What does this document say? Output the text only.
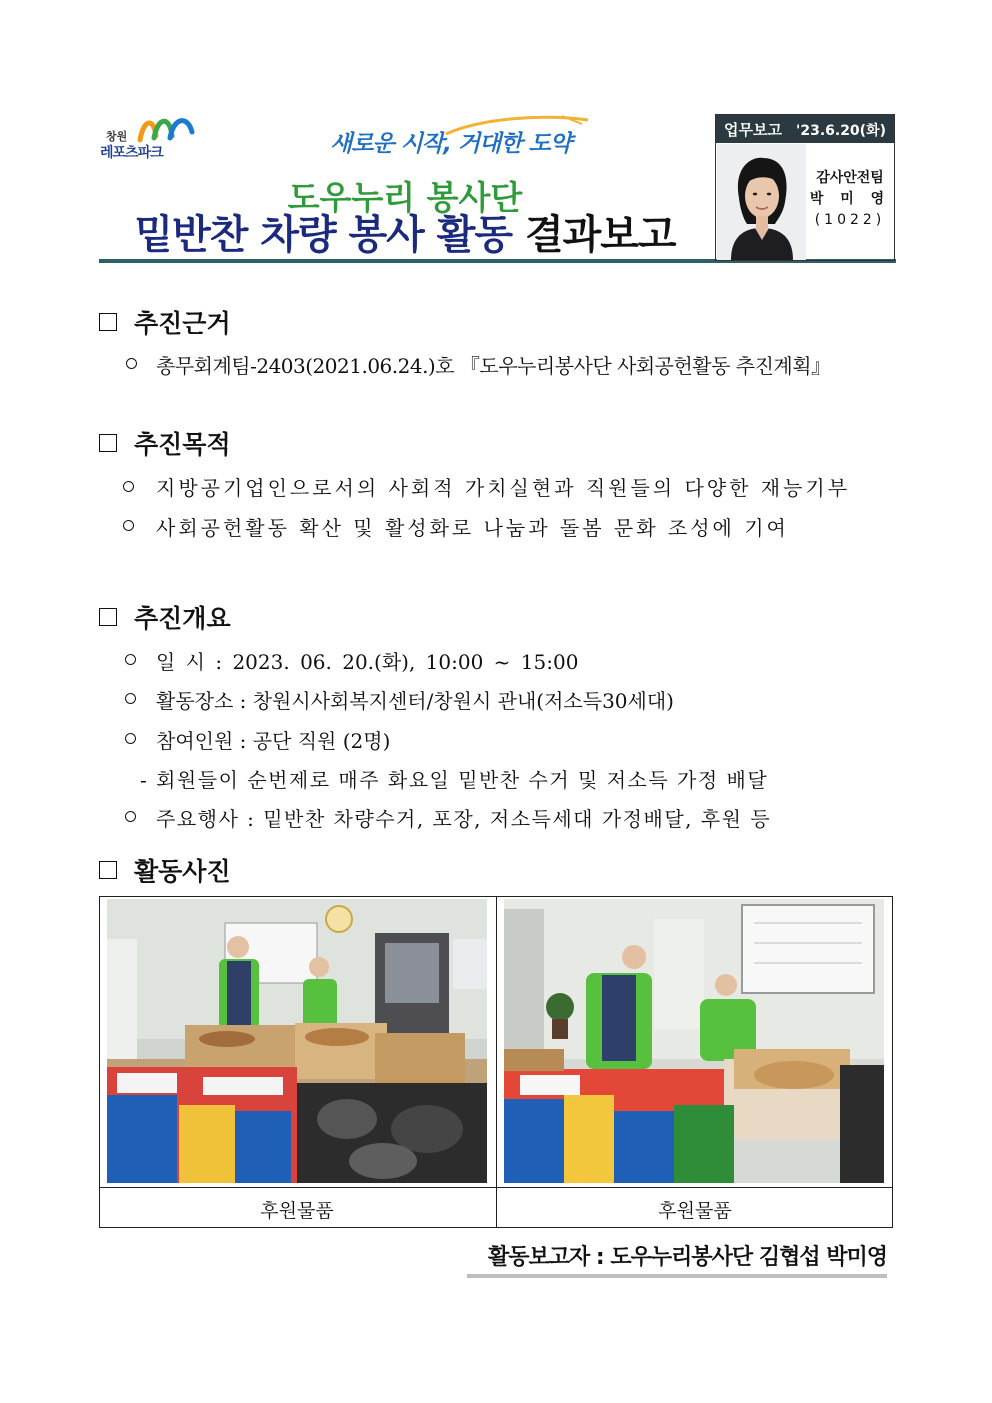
창원
레포츠파크	새로운 시작, 거대한 도약
도우누리 봉사단
밑반찬 차량 봉사 활동 결과보고
업무보고 '23.6.20(화)
감사안전팀
박 미 영
(1022)
추진근거
총무회계팀-2403(2021.06.24.)호 『도우누리봉사단 사회공헌활동 추진계획』
추진목적
지방공기업인으로서의 사회적 가치실현과 직원들의 다양한 재능기부
사회공헌활동 확산 및 활성화로 나눔과 돌봄 문화 조성에 기여
추진개요
일 시 : 2023. 06. 20.(화), 10:00 ~ 15:00
활동장소 : 창원시사회복지센터/창원시 관내(저소득30세대)
참여인원 : 공단 직원 (2명)
- 회원들이 순번제로 매주 화요일 밑반찬 수거 및 저소득 가정 배달
주요행사 : 밑반찬 차량수거, 포장, 저소득세대 가정배달, 후원 등
활동사진
후원물품	후원물품
활동보고자 : 도우누리봉사단 김협섭 박미영
